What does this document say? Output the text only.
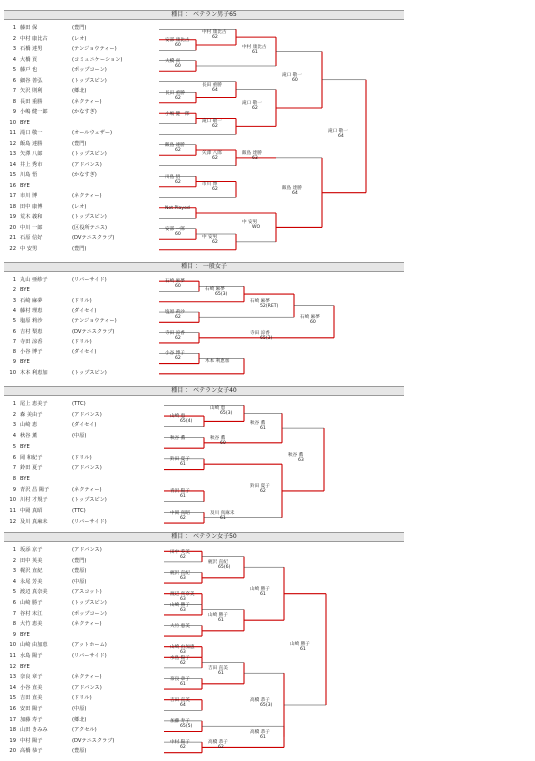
種目 ： ベテラン男子65
1 藤田 保	(豊門)
2 中村 康比古	(レオ)
3 石橋 達男	(テンジョウティー)
4 大橋 貢	(コミュニケーション)
5 藤戸 也	(ポップコーン)
6 細谷 善弘	(トップスピン)
7 矢沢 則利	(郷北)
8 長田 重勝	(ネクティー)
9 小嶋 健一郎	(かなすぎ)
10 BYE
11 滝口 敬一	(オールウェザー)
12 飯島 達勝	(豊門)
13 矢澤 八郎	(トップスピン)
14 井上 秀市	(アドバンス)
15 川島 悟	(かなすぎ)
16 BYE
17 市川 博	(ネクティー)
18 田中 康博	(レオ)
19 荒木 義和	(トップスピン)
20 中川 一郎	(区役所テニス)
21 石原 信好	(DVテニスクラブ)
22 中 安男	(豊門)
安部 康比古
60
中村 康比古
62
大橋 貢
60
中村 康比古
61
長田 重勝
62
長田 重勝
64
小嶋 健一郎
滝口 敬一
62
滝口 敬一
62
滝口 敬一
60
飯島 達勝
62
矢澤 八郎
62
飯島 達勝
63
川島 悟
62
市川 博
62
Not Played
安部 一郎
60
中 安男
62
中 安男
WO
飯島 達勝
64
滝口 敬一
64
種目 ： 一般女子
1 丸山 亜紗子	(リバーサイド)
2 BYE
3 石崎 麻夢	(ドリル)
4 藤村 理恵	(ダイセイ)
5 塩原 莉沙	(テンジョウティー)
6 吉村 梨恵	(DVテニスクラブ)
7 寺田 涼香	(ドリル)
8 小谷 博子	(ダイセイ)
9 BYE
10 木本 利恵加	(トップスピン)
石崎 麻夢
60
石崎 麻夢
65(3)
塩原 莉沙
62
石崎 麻夢
52(RET)
寺田 涼香
62
小谷 博子
62
寺田 涼香
65(3)
木本 利恵加
石崎 麻夢
60
種目 ： ベテラン女子40
1 尾上 恵美子	(TTC)
2 森 美由子	(アドバンス)
3 山崎 恵	(ダイセイ)
4 秋谷 薫	(中原)
5 BYE
6 岡 和紀子	(ドリル)
7 鈴田 夏子	(アドバンス)
8 BYE
9 青沢 昌 陽子	(ネクティー)
10 川村 才規子	(トップスピン)
11 中岡 真昭	(TTC)
12 及川 真麻未	(リバーサイド)
山崎 恵
65(4)
山崎 恵
65(3)
秋谷 薫	秋谷 薫
60
秋谷 薫
61
鈴田 夏子
61
青沢 陽子
61
中岡 真昭
62
及川 真麻未
61
鈴田 夏子
62
秋谷 薫
63
種目 ： ベテラン女子50
1 坂添 京子	(アドバンス)
2 田中 英美	(豊門)
3 梶沢 直紀	(豊原)
4 永尾 芳美	(中原)
5 渡辺 真奈美	(アスコット)
6 山崎 勝子	(トップスピン)
7 谷村 末江	(ポップコーン)
8 大竹 恵美	(ネクティー)
9 BYE
10 山崎 由加恵	(アットホーム)
11 水島 陽子	(リバーサイド)
12 BYE
13 奈良 章子	(ネクティー)
14 小谷 直美	(アドバンス)
15 吉田 直美	(ドリル)
16 安田 陽子	(中原)
17 加藤 寿子	(郷北)
18 山田 きみみ	(アクセル)
19 中村 陽子	(DVテニスクラブ)
20 高橋 恭子	(豊原)
田中 英美
62
梶沢 直紀
63
梶沢 直紀
65(6)
渡辺 真奈美
63
山崎 勝子
63
大竹 恵美
山崎 由加恵
63
山崎 勝子
61
山崎 勝子
61
水島 陽子
62
奈良 章子
61
吉田 直美
61
吉田 直美
64
加藤 寿子
65(5)
中村 陽子
62
高橋 恭子
62
高橋 恭子
61
高橋 恭子
65(3)
山崎 勝子
61
